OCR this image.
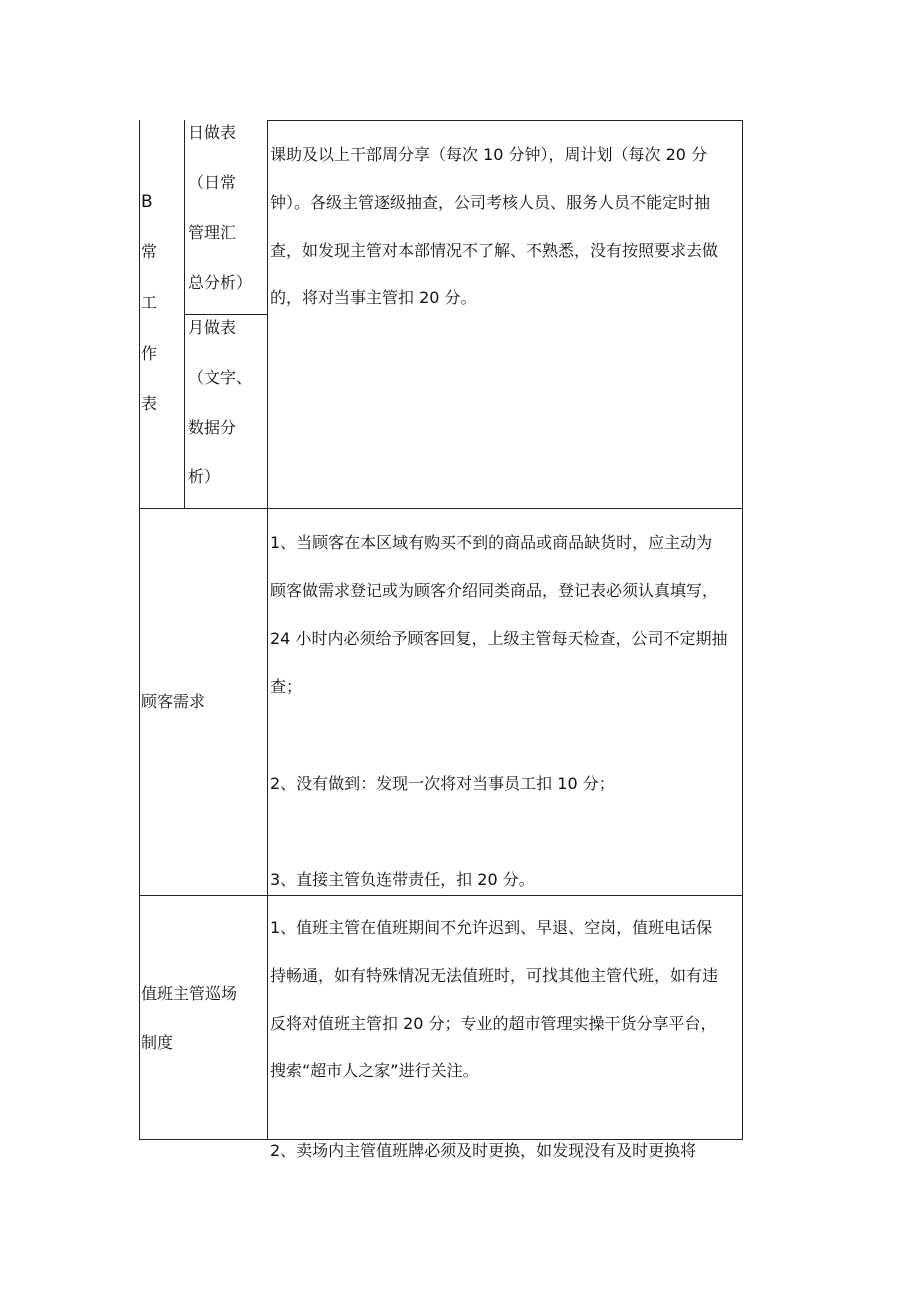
B
常
工
作
表
日做表
（日常
管理汇
总分析）
月做表
（文字、
数据分
析）
课助及以上干部周分享（每次 10 分钟），周计划（每次 20 分
钟）。各级主管逐级抽查，公司考核人员、服务人员不能定时抽
查，如发现主管对本部情况不了解、不熟悉，没有按照要求去做
的，将对当事主管扣 20 分。
顾客需求
1、当顾客在本区域有购买不到的商品或商品缺货时，应主动为
顾客做需求登记或为顾客介绍同类商品，登记表必须认真填写，
24 小时内必须给予顾客回复，上级主管每天检查，公司不定期抽
查；
2、没有做到：发现一次将对当事员工扣 10 分；
3、直接主管负连带责任，扣 20 分。
值班主管巡场
制度
1、值班主管在值班期间不允许迟到、早退、空岗，值班电话保
持畅通，如有特殊情况无法值班时，可找其他主管代班，如有违
反将对值班主管扣 20 分；专业的超市管理实操干货分享平台，
搜索“超市人之家”进行关注。
2、卖场内主管值班牌必须及时更换，如发现没有及时更换将
